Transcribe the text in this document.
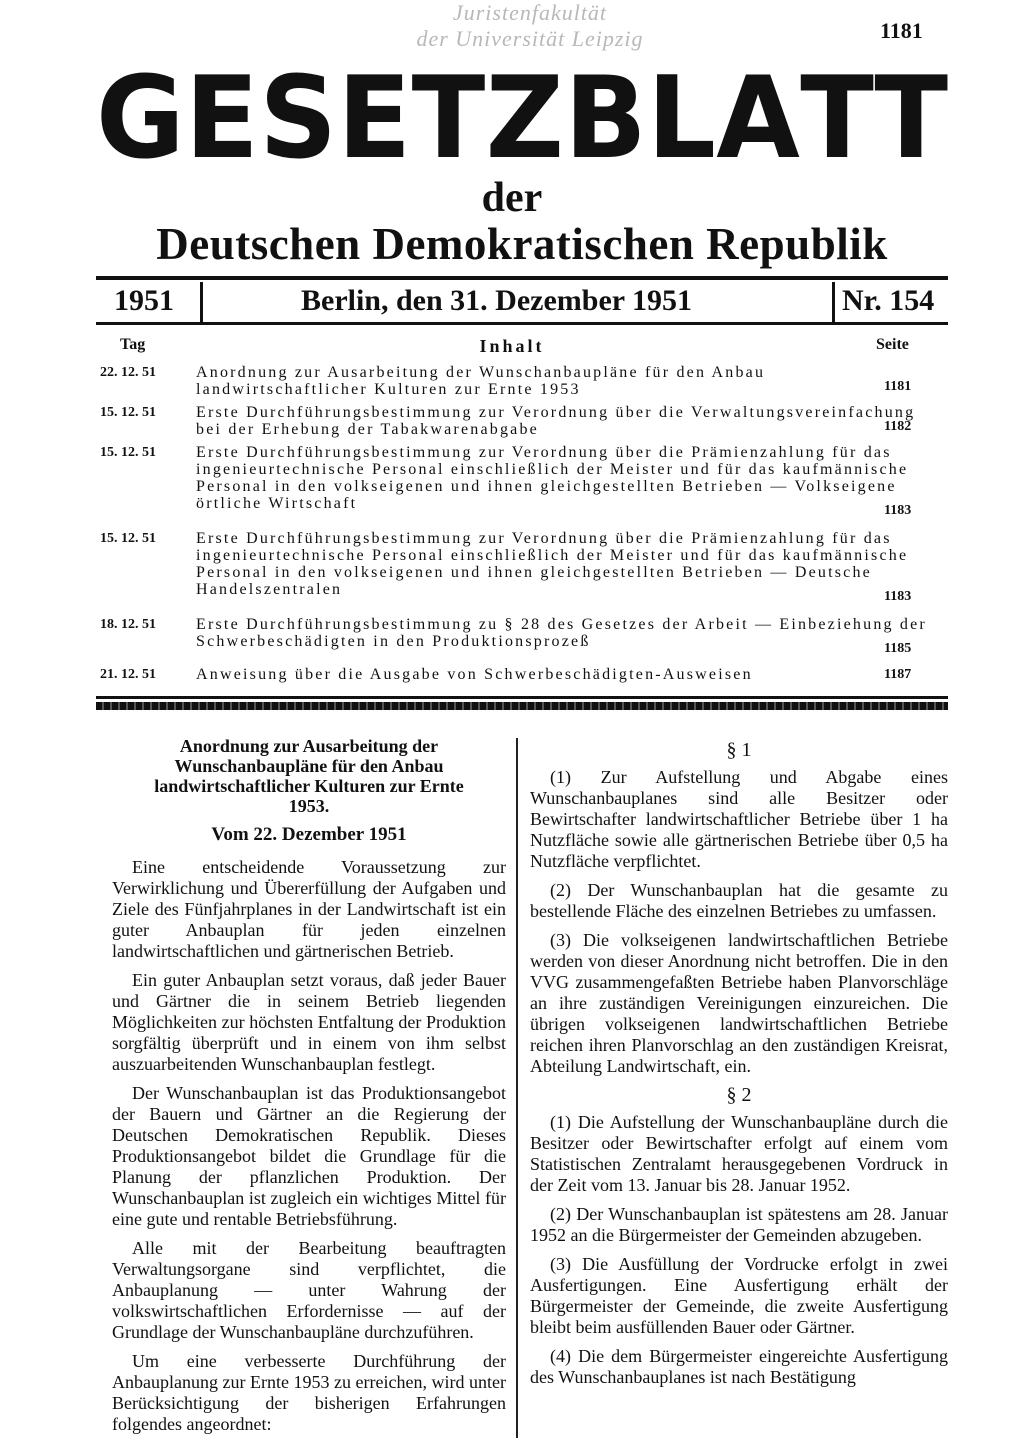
Juristenfakultät
der Universität Leipzig	1181
G E S E T Z B L A T T
der
Deutschen Demokratischen Republik
1951	Berlin, den 31. Dezember 1951	Nr. 154
Tag	Inhalt	Seite
22. 12. 51	Anordnung zur Ausarbeitung der Wunschanbaupläne für den Anbau landwirtschaftlicher Kulturen zur Ernte 1953	1181
15. 12. 51	Erste Durchführungsbestimmung zur Verordnung über die Verwaltungsvereinfachung bei der Erhebung der Tabakwarenabgabe	1182
15. 12. 51	Erste Durchführungsbestimmung zur Verordnung über die Prämienzahlung für das ingenieurtechnische Personal einschließlich der Meister und für das kaufmännische Personal in den volkseigenen und ihnen gleichgestellten Betrieben — Volkseigene örtliche Wirtschaft	1183
15. 12. 51	Erste Durchführungsbestimmung zur Verordnung über die Prämienzahlung für das ingenieurtechnische Personal einschließlich der Meister und für das kaufmännische Personal in den volkseigenen und ihnen gleichgestellten Betrieben — Deutsche Handelszentralen	1183
18. 12. 51	Erste Durchführungsbestimmung zu § 28 des Gesetzes der Arbeit — Einbeziehung der Schwerbeschädigten in den Produktionsprozeß	1185
21. 12. 51	Anweisung über die Ausgabe von Schwerbeschädigten-Ausweisen	1187

Anordnung zur Ausarbeitung der Wunschanbaupläne für den Anbau landwirtschaftlicher Kulturen zur Ernte 1953.

Vom 22. Dezember 1951

Eine entscheidende Voraussetzung zur Verwirklichung und Übererfüllung der Aufgaben und Ziele des Fünfjahrplanes in der Landwirtschaft ist ein guter Anbauplan für jeden einzelnen landwirtschaftlichen und gärtnerischen Betrieb.

Ein guter Anbauplan setzt voraus, daß jeder Bauer und Gärtner die in seinem Betrieb liegenden Möglichkeiten zur höchsten Entfaltung der Produktion sorgfältig überprüft und in einem von ihm selbst auszuarbeitenden Wunschanbauplan festlegt.

Der Wunschanbauplan ist das Produktionsangebot der Bauern und Gärtner an die Regierung der Deutschen Demokratischen Republik. Dieses Produktionsangebot bildet die Grundlage für die Planung der pflanzlichen Produktion. Der Wunschanbauplan ist zugleich ein wichtiges Mittel für eine gute und rentable Betriebsführung.

Alle mit der Bearbeitung beauftragten Verwaltungsorgane sind verpflichtet, die Anbauplanung — unter Wahrung der volkswirtschaftlichen Erfordernisse — auf der Grundlage der Wunschanbaupläne durchzuführen.

Um eine verbesserte Durchführung der Anbauplanung zur Ernte 1953 zu erreichen, wird unter Berücksichtigung der bisherigen Erfahrungen folgendes angeordnet:

§ 1

(1) Zur Aufstellung und Abgabe eines Wunschanbauplanes sind alle Besitzer oder Bewirtschafter landwirtschaftlicher Betriebe über 1 ha Nutzfläche sowie alle gärtnerischen Betriebe über 0,5 ha Nutzfläche verpflichtet.

(2) Der Wunschanbauplan hat die gesamte zu bestellende Fläche des einzelnen Betriebes zu umfassen.

(3) Die volkseigenen landwirtschaftlichen Betriebe werden von dieser Anordnung nicht betroffen. Die in den VVG zusammengefaßten Betriebe haben Planvorschläge an ihre zuständigen Vereinigungen einzureichen. Die übrigen volkseigenen landwirtschaftlichen Betriebe reichen ihren Planvorschlag an den zuständigen Kreisrat, Abteilung Landwirtschaft, ein.

§ 2

(1) Die Aufstellung der Wunschanbaupläne durch die Besitzer oder Bewirtschafter erfolgt auf einem vom Statistischen Zentralamt herausgegebenen Vordruck in der Zeit vom 13. Januar bis 28. Januar 1952.

(2) Der Wunschanbauplan ist spätestens am 28. Januar 1952 an die Bürgermeister der Gemeinden abzugeben.

(3) Die Ausfüllung der Vordrucke erfolgt in zwei Ausfertigungen. Eine Ausfertigung erhält der Bürgermeister der Gemeinde, die zweite Ausfertigung bleibt beim ausfüllenden Bauer oder Gärtner.

(4) Die dem Bürgermeister eingereichte Ausfertigung des Wunschanbauplanes ist nach Bestätigung
